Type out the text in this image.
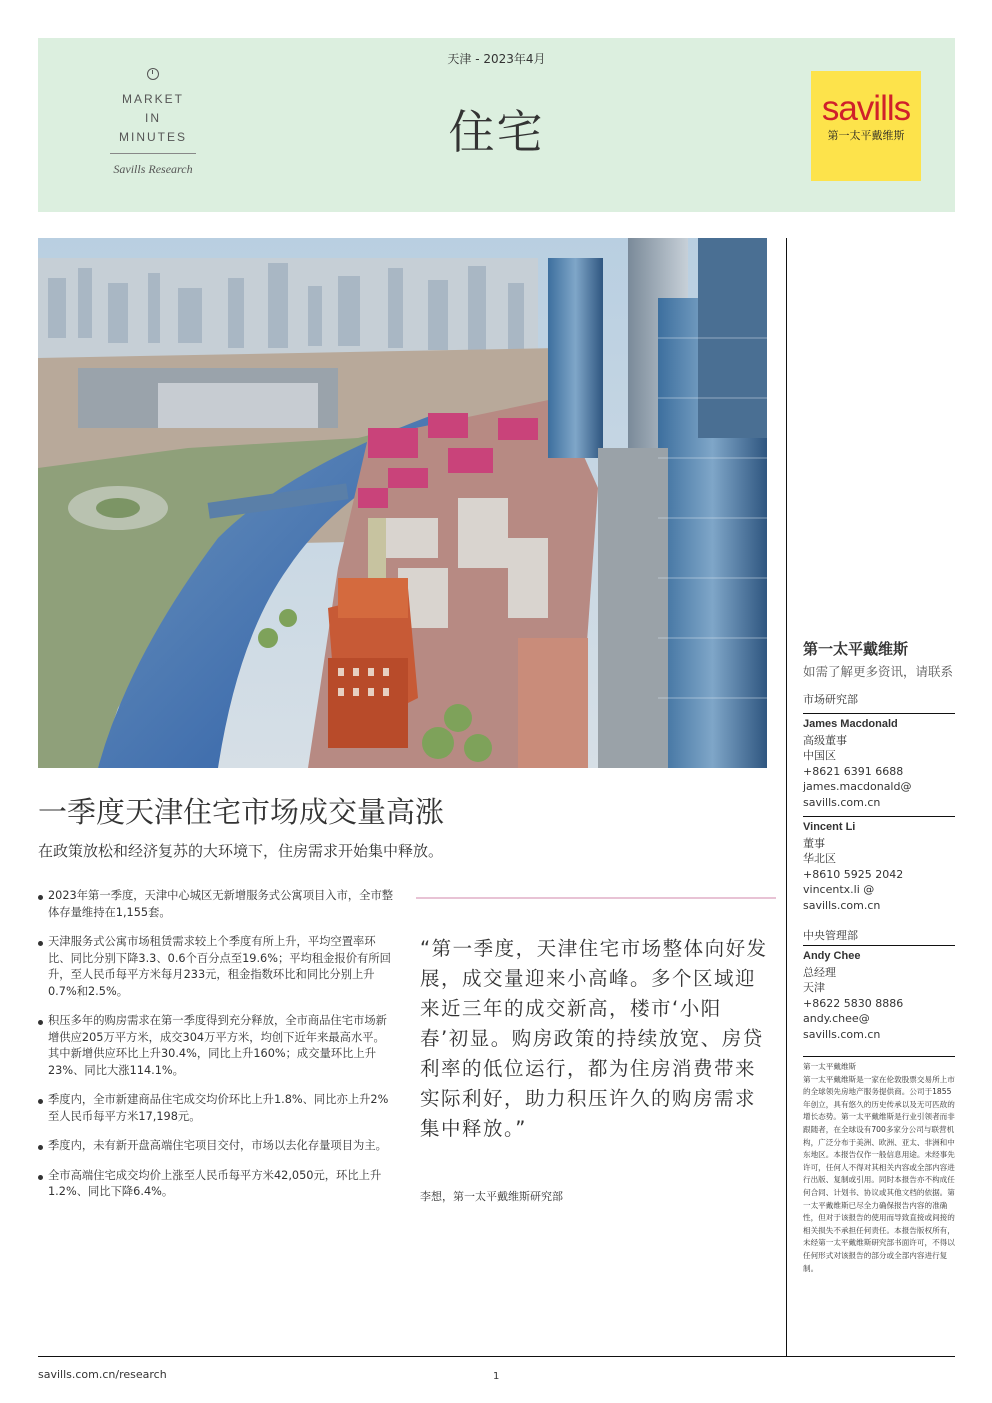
MARKET
IN
MINUTES
Savills Research
天津 - 2023年4月
住宅	savills
第一太平戴维斯
一季度天津住宅市场成交量高涨
在政策放松和经济复苏的大环境下，住房需求开始集中释放。
2023年第一季度，天津中心城区无新增服务式公寓项目入市，全市整体存量维持在1,155套。
天津服务式公寓市场租赁需求较上个季度有所上升，平均空置率环比、同比分别下降3.3、0.6个百分点至19.6%；平均租金报价有所回升，至人民币每平方米每月233元，租金指数环比和同比分别上升0.7%和2.5%。
积压多年的购房需求在第一季度得到充分释放，全市商品住宅市场新增供应205万平方米，成交304万平方米，均创下近年来最高水平。其中新增供应环比上升30.4%，同比上升160%；成交量环比上升23%、同比大涨114.1%。
季度内，全市新建商品住宅成交均价环比上升1.8%、同比亦上升2%至人民币每平方米17,198元。
季度内，未有新开盘高端住宅项目交付，市场以去化存量项目为主。
全市高端住宅成交均价上涨至人民币每平方米42,050元，环比上升1.2%、同比下降6.4%。
“第一季度，天津住宅市场整体向好发展，成交量迎来小高峰。多个区域迎来近三年的成交新高，楼市‘小阳春’初显。购房政策的持续放宽、房贷利率的低位运行，都为住房消费带来实际利好，助力积压许久的购房需求集中释放。”
李想，第一太平戴维斯研究部
第一太平戴维斯
如需了解更多资讯，请联系
市场研究部
James Macdonald
高级董事
中国区
+8621 6391 6688
james.macdonald@
savills.com.cn
Vincent Li
董事
华北区
+8610 5925 2042
vincentx.li @
savills.com.cn
中央管理部
Andy Chee
总经理
天津
+8622 5830 8886
andy.chee@
savills.com.cn
第一太平戴维斯
第一太平戴维斯是一家在伦敦股票交易所上市的全球领先房地产服务提供商。公司于1855年创立，具有悠久的历史传承以及无可匹敌的增长态势。第一太平戴维斯是行业引领者而非跟随者，在全球设有700多家分公司与联营机构，广泛分布于美洲、欧洲、亚太、非洲和中东地区。本报告仅作一般信息用途。未经事先许可，任何人不得对其相关内容或全部内容进行出版、复制或引用。同时本报告亦不构成任何合同、计划书、协议或其他文档的依据。第一太平戴维斯已尽全力确保报告内容的准确性，但对于该报告的使用而导致直接或间接的相关损失不承担任何责任。本报告版权所有，未经第一太平戴维斯研究部书面许可，不得以任何形式对该报告的部分或全部内容进行复制。
savills.com.cn/research	1
